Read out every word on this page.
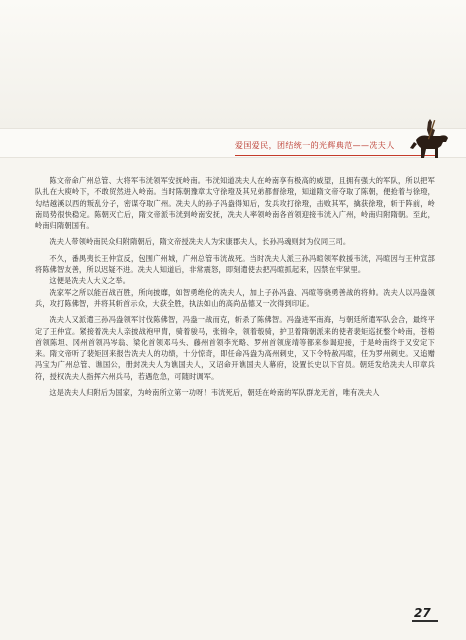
爱国爱民，团结统一的光辉典范——冼夫人

陈文帝命广州总管、大将军韦洸领军安抚岭南。韦洸知道冼夫人在岭南享有极高的威望，且拥有强大的军队，所以把军队扎在大庾岭下，不敢贸然进入岭南。当时陈朝豫章太守徐璒及其兄弟都督徐璒，知道隋文帝夺取了陈朝，便抢着与徐璒，勾结越溪以西的叛乱分子，密谋夺取广州。冼夫人的孙子冯盎得知后，发兵攻打徐璒，击败其军，擒获徐璒，斩于阵前，岭南局势很快稳定。陈朝灭亡后，隋文帝派韦洸到岭南安抚，冼夫人率领岭南各首领迎接韦洸入广州，岭南归附隋朝。至此，岭南归隋朝国有。

冼夫人带领岭南民众归附隋朝后，隋文帝授冼夫人为宋康郡夫人，长孙冯魂则封为仪同三司。

不久，番禺夷长王仲宣反，包围广州城，广州总管韦洸战死。当时冼夫人派三孙冯暄领军救援韦洸，冯暄因与王仲宣部将陈佛智友善，所以迟疑不进。冼夫人知道后，非常震怒，即刻遣使去把冯暄抓起来，囚禁在牢狱里。

这便是冼夫人大义之举。

冼家军之所以能百战百胜，所向披靡，如智勇绝伦的冼夫人，加上子孙冯盎、冯暄等骁勇善战的将帅。冼夫人以冯盎领兵，攻打陈佛智，并将其斩首示众，大获全胜，执法如山的高尚品德又一次得到印证。

冼夫人又派遣三孙冯盎领军讨伐陈佛智，冯盎一战而克，斩杀了陈佛智。冯盎进军南海，与朝廷所遣军队会合，最终平定了王仲宣。紧接着冼夫人亲披战袍甲胄，骑着骏马，张锦伞，领着彀骑，护卫着隋朝派来的使者裴矩巡抚整个岭南，苍梧首领陈坦、冈州首领冯岑翁、梁化首领邓马头、藤州首领李光略、罗州首领庞靖等都来参谒迎接，于是岭南终于又安定下来。隋文帝听了裴矩回来报告冼夫人的功绩，十分惊奇，即任命冯盎为高州刺史，又下令特赦冯暄，任为罗州刺史。又追赠冯宝为广州总管、谯国公，册封冼夫人为谯国夫人，又诏命开谯国夫人幕府，设置长史以下官员。朝廷发给冼夫人印章兵符，授权冼夫人指挥六州兵马，若遇危急，可随时调军。

这是冼夫人归附后为国家，为岭南所立第一功呀！韦洸死后，朝廷在岭南的军队群龙无首，唯有冼夫人

27
